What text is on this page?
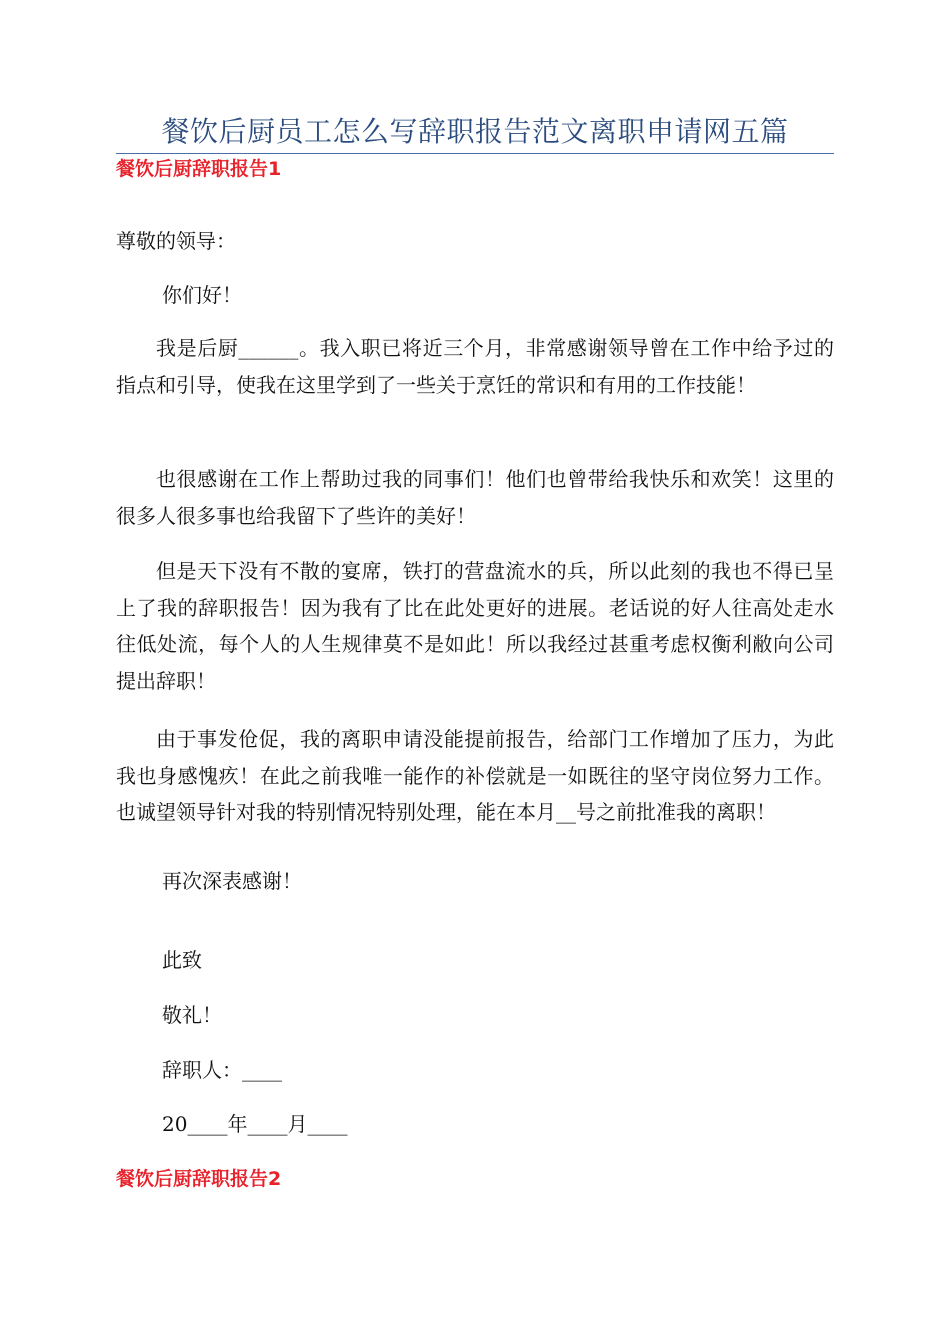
餐饮后厨员工怎么写辞职报告范文离职申请网五篇
餐饮后厨辞职报告1
尊敬的领导：
你们好！
我是后厨______。我入职已将近三个月，非常感谢领导曾在工作中给予过的指点和引导，使我在这里学到了一些关于烹饪的常识和有用的工作技能！
也很感谢在工作上帮助过我的同事们！他们也曾带给我快乐和欢笑！这里的很多人很多事也给我留下了些许的美好！
但是天下没有不散的宴席，铁打的营盘流水的兵，所以此刻的我也不得已呈上了我的辞职报告！因为我有了比在此处更好的进展。老话说的好人往高处走水往低处流，每个人的人生规律莫不是如此！所以我经过甚重考虑权衡利敝向公司提出辞职！
由于事发伧促，我的离职申请没能提前报告，给部门工作增加了压力，为此我也身感愧疚！在此之前我唯一能作的补偿就是一如既往的坚守岗位努力工作。也诚望领导针对我的特别情况特别处理，能在本月__号之前批准我的离职！
再次深表感谢！
此致
敬礼！
辞职人：____
20____年____月____
餐饮后厨辞职报告2
